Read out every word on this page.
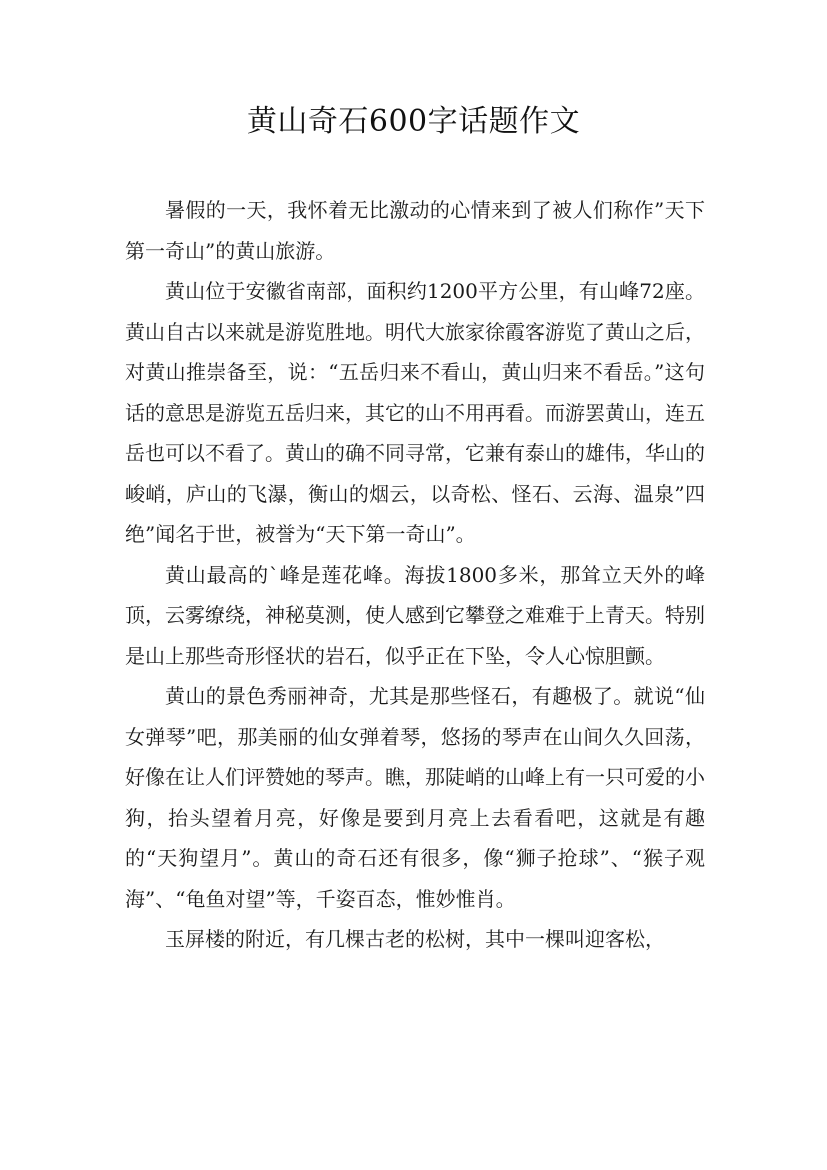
黄山奇石600字话题作文

暑假的一天，我怀着无比激动的心情来到了被人们称作”天下第一奇山”的黄山旅游。

黄山位于安徽省南部，面积约1200平方公里，有山峰72座。黄山自古以来就是游览胜地。明代大旅家徐霞客游览了黄山之后，对黄山推崇备至，说：“五岳归来不看山，黄山归来不看岳。”这句话的意思是游览五岳归来，其它的山不用再看。而游罢黄山，连五岳也可以不看了。黄山的确不同寻常，它兼有泰山的雄伟，华山的峻峭，庐山的飞瀑，衡山的烟云，以奇松、怪石、云海、温泉”四绝”闻名于世，被誉为“天下第一奇山”。

黄山最高的`峰是莲花峰。海拔1800多米，那耸立天外的峰顶，云雾缭绕，神秘莫测，使人感到它攀登之难难于上青天。特别是山上那些奇形怪状的岩石，似乎正在下坠，令人心惊胆颤。

黄山的景色秀丽神奇，尤其是那些怪石，有趣极了。就说“仙女弹琴”吧，那美丽的仙女弹着琴，悠扬的琴声在山间久久回荡，好像在让人们评赞她的琴声。瞧，那陡峭的山峰上有一只可爱的小狗，抬头望着月亮，好像是要到月亮上去看看吧，这就是有趣的“天狗望月”。黄山的奇石还有很多，像“狮子抢球”、“猴子观海”、“龟鱼对望”等，千姿百态，惟妙惟肖。

玉屏楼的附近，有几棵古老的松树，其中一棵叫迎客松，
